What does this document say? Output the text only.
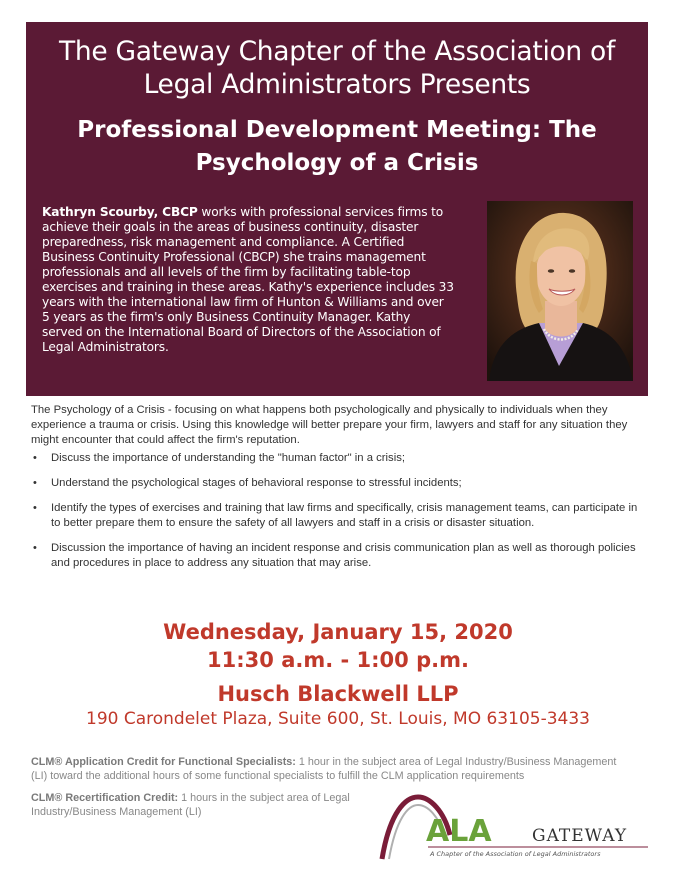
The Gateway Chapter of the Association of Legal Administrators Presents
Professional Development Meeting: The Psychology of a Crisis

Kathryn Scourby, CBCP works with professional services firms to achieve their goals in the areas of business continuity, disaster preparedness, risk management and compliance. A Certified Business Continuity Professional (CBCP) she trains management professionals and all levels of the firm by facilitating table-top exercises and training in these areas. Kathy's experience includes 33 years with the international law firm of Hunton & Williams and over 5 years as the firm's only Business Continuity Manager. Kathy served on the International Board of Directors of the Association of Legal Administrators.

The Psychology of a Crisis - focusing on what happens both psychologically and physically to individuals when they experience a trauma or crisis. Using this knowledge will better prepare your firm, lawyers and staff for any situation they might encounter that could affect the firm's reputation.

• Discuss the importance of understanding the "human factor" in a crisis;
• Understand the psychological stages of behavioral response to stressful incidents;
• Identify the types of exercises and training that law firms and specifically, crisis management teams, can participate in to better prepare them to ensure the safety of all lawyers and staff in a crisis or disaster situation.
• Discussion the importance of having an incident response and crisis communication plan as well as thorough policies and procedures in place to address any situation that may arise.
Wednesday, January 15, 2020
11:30 a.m. - 1:00 p.m.
Husch Blackwell LLP
190 Carondelet Plaza, Suite 600, St. Louis, MO 63105-3433

CLM® Application Credit for Functional Specialists: 1 hour in the subject area of Legal Industry/Business Management (LI) toward the additional hours of some functional specialists to fulfill the CLM application requirements

CLM® Recertification Credit: 1 hours in the subject area of Legal Industry/Business Management (LI)

ALA GATEWAY
A Chapter of the Association of Legal Administrators
